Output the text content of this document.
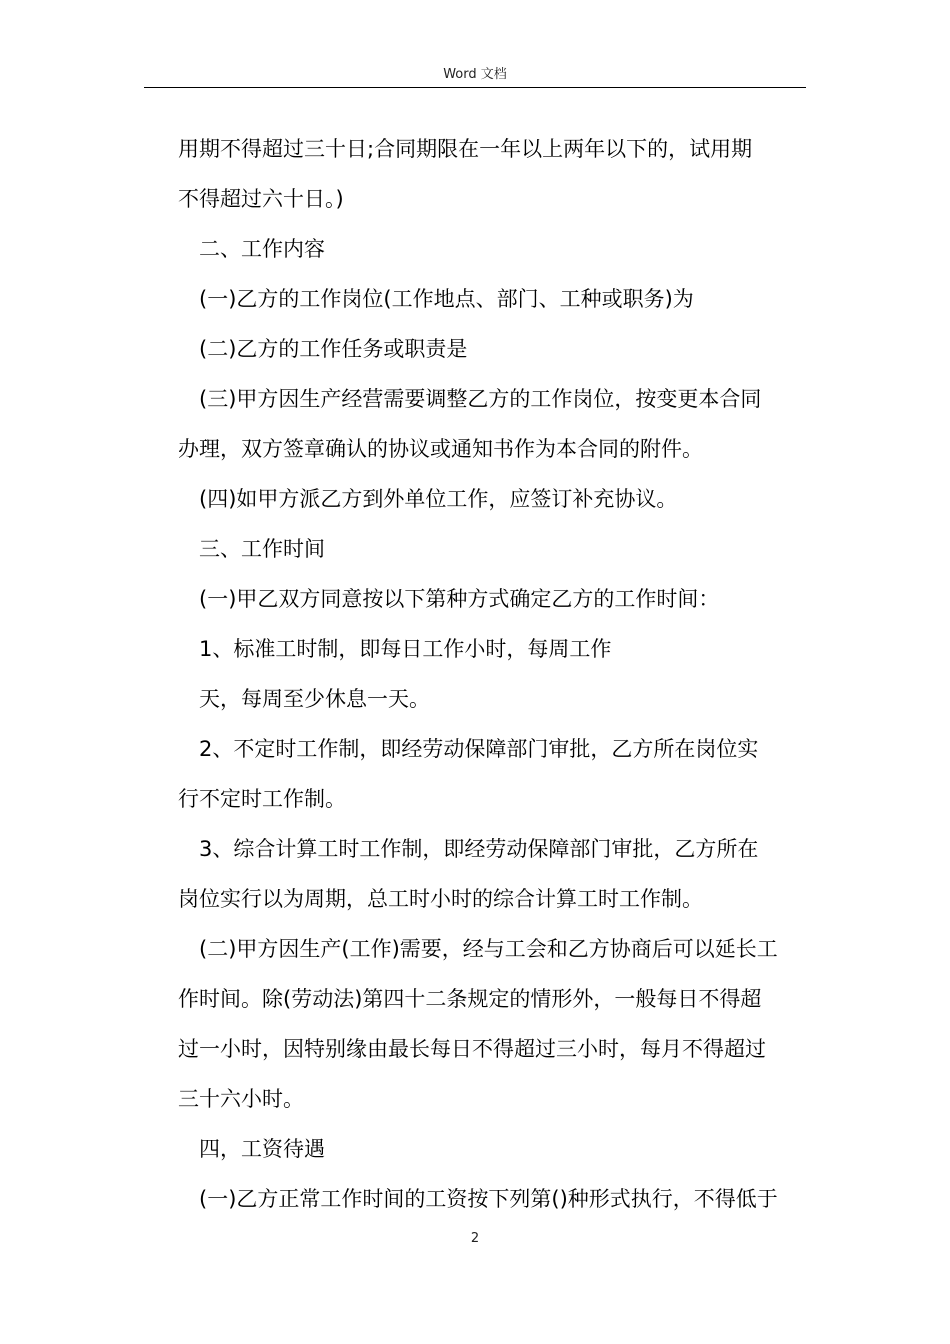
Word 文档
用期不得超过三十日;合同期限在一年以上两年以下的，试用期
不得超过六十日。)
二、工作内容
(一)乙方的工作岗位(工作地点、部门、工种或职务)为
(二)乙方的工作任务或职责是
(三)甲方因生产经营需要调整乙方的工作岗位，按变更本合同
办理，双方签章确认的协议或通知书作为本合同的附件。
(四)如甲方派乙方到外单位工作，应签订补充协议。
三、工作时间
(一)甲乙双方同意按以下第种方式确定乙方的工作时间：
1、标准工时制，即每日工作小时，每周工作
天，每周至少休息一天。
2、不定时工作制，即经劳动保障部门审批，乙方所在岗位实
行不定时工作制。
3、综合计算工时工作制，即经劳动保障部门审批，乙方所在
岗位实行以为周期，总工时小时的综合计算工时工作制。
(二)甲方因生产(工作)需要，经与工会和乙方协商后可以延长工
作时间。除(劳动法)第四十二条规定的情形外，一般每日不得超
过一小时，因特别缘由最长每日不得超过三小时，每月不得超过
三十六小时。
四，工资待遇
(一)乙方正常工作时间的工资按下列第()种形式执行，不得低于
2
